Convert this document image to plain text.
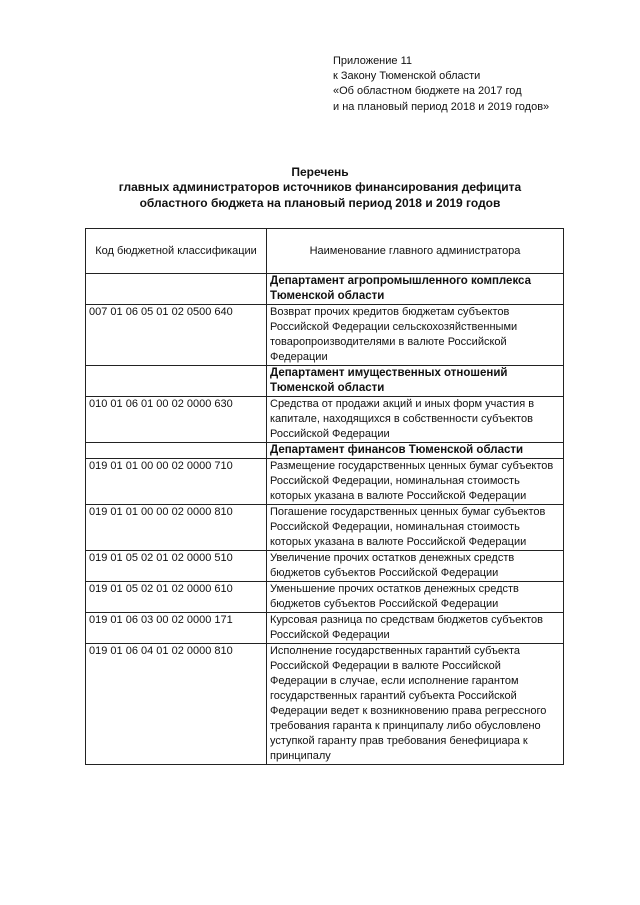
Приложение 11
к Закону Тюменской области
«Об областном бюджете на 2017 год
и на плановый период 2018 и 2019 годов»
Перечень
главных администраторов источников финансирования дефицита
областного бюджета на плановый период 2018 и 2019 годов
Код бюджетной классификации	Наименование главного администратора
	Департамент агропромышленного комплекса Тюменской области
007 01 06 05 01 02 0500 640	Возврат прочих кредитов бюджетам субъектов Российской Федерации сельскохозяйственными товаропроизводителями в валюте Российской Федерации
	Департамент имущественных отношений Тюменской области
010 01 06 01 00 02 0000 630	Средства от продажи акций и иных форм участия в капитале, находящихся в собственности субъектов Российской Федерации
	Департамент финансов Тюменской области
019 01 01 00 00 02 0000 710	Размещение государственных ценных бумаг субъектов Российской Федерации, номинальная стоимость которых указана в валюте Российской Федерации
019 01 01 00 00 02 0000 810	Погашение государственных ценных бумаг субъектов Российской Федерации, номинальная стоимость которых указана в валюте Российской Федерации
019 01 05 02 01 02 0000 510	Увеличение прочих остатков денежных средств бюджетов субъектов Российской Федерации
019 01 05 02 01 02 0000 610	Уменьшение прочих остатков денежных средств бюджетов субъектов Российской Федерации
019 01 06 03 00 02 0000 171	Курсовая разница по средствам бюджетов субъектов Российской Федерации
019 01 06 04 01 02 0000 810	Исполнение государственных гарантий субъекта Российской Федерации в валюте Российской Федерации в случае, если исполнение гарантом государственных гарантий субъекта Российской Федерации ведет к возникновению права регрессного требования гаранта к принципалу либо обусловлено уступкой гаранту прав требования бенефициара к принципалу
